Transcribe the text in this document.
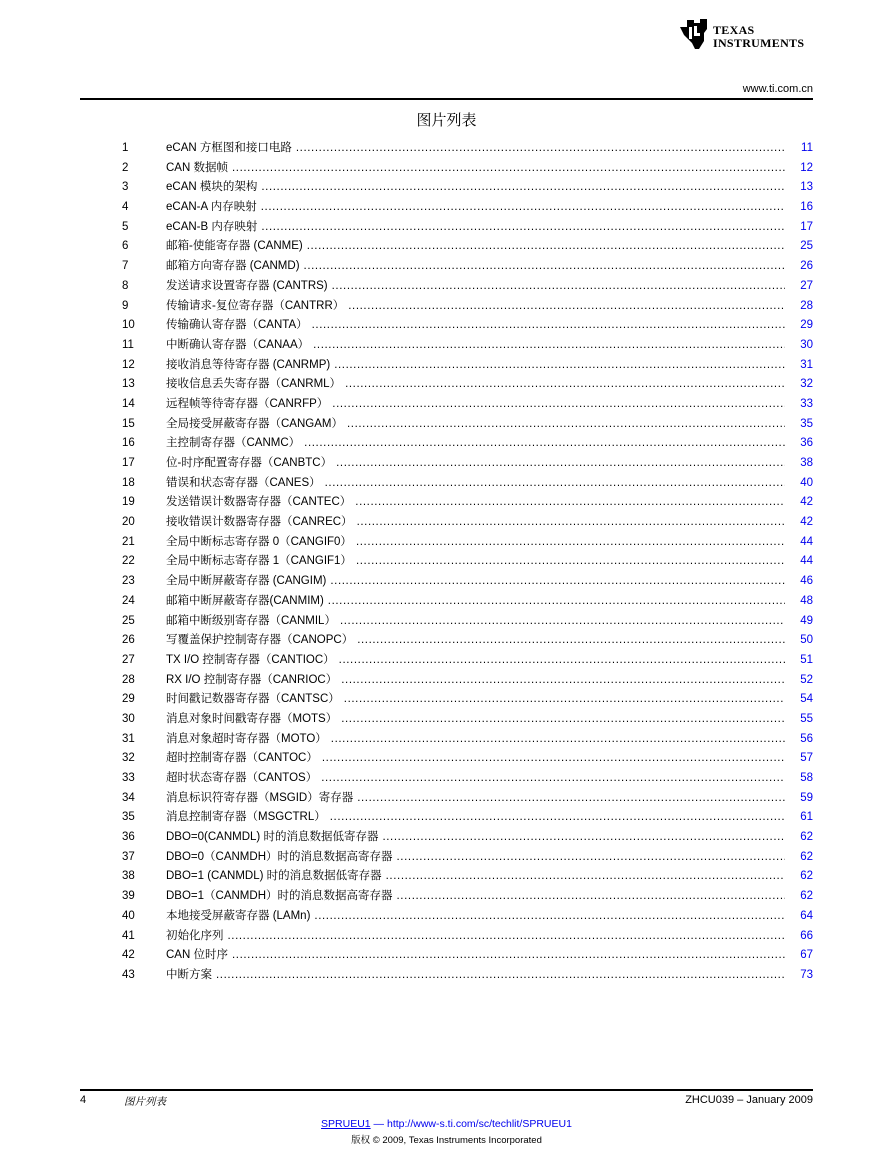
TEXAS
INSTRUMENTS
www.ti.com.cn
图片列表
1	eCAN 方框图和接口电路 .....	11
2	CAN 数据帧 .....	12
3	eCAN 模块的架构 .....	13
4	eCAN-A 内存映射 .....	16
5	eCAN-B 内存映射 .....	17
6	邮箱-使能寄存器 (CANME) .....	25
7	邮箱方向寄存器 (CANMD) .....	26
8	发送请求设置寄存器 (CANTRS) .....	27
9	传输请求-复位寄存器（CANTRR） .....	28
10	传输确认寄存器（CANTA） .....	29
11	中断确认寄存器（CANAA） .....	30
12	接收消息等待寄存器 (CANRMP) .....	31
13	接收信息丢失寄存器（CANRML） .....	32
14	远程帧等待寄存器（CANRFP） .....	33
15	全局接受屏蔽寄存器（CANGAM） .....	35
16	主控制寄存器（CANMC） .....	36
17	位-时序配置寄存器（CANBTC） .....	38
18	错误和状态寄存器（CANES） .....	40
19	发送错误计数器寄存器（CANTEC） .....	42
20	接收错误计数器寄存器（CANREC） .....	42
21	全局中断标志寄存器 0（CANGIF0） .....	44
22	全局中断标志寄存器 1（CANGIF1） .....	44
23	全局中断屏蔽寄存器 (CANGIM) .....	46
24	邮箱中断屏蔽寄存器(CANMIM) .....	48
25	邮箱中断级别寄存器（CANMIL） .....	49
26	写覆盖保护控制寄存器（CANOPC） .....	50
27	TX I/O 控制寄存器（CANTIOC） .....	51
28	RX I/O 控制寄存器（CANRIOC） .....	52
29	时间戳记数器寄存器（CANTSC） .....	54
30	消息对象时间戳寄存器（MOTS） .....	55
31	消息对象超时寄存器（MOTO） .....	56
32	超时控制寄存器（CANTOC） .....	57
33	超时状态寄存器（CANTOS） .....	58
34	消息标识符寄存器（MSGID）寄存器 .....	59
35	消息控制寄存器（MSGCTRL） .....	61
36	DBO=0(CANMDL) 时的消息数据低寄存器 .....	62
37	DBO=0（CANMDH）时的消息数据高寄存器 .....	62
38	DBO=1 (CANMDL) 时的消息数据低寄存器 .....	62
39	DBO=1（CANMDH）时的消息数据高寄存器 .....	62
40	本地接受屏蔽寄存器 (LAMn) .....	64
41	初始化序列 .....	66
42	CAN 位时序 .....	67
43	中断方案 .....	73
4	图片列表	ZHCU039 – January 2009
SPRUEU1 — http://www-s.ti.com/sc/techlit/SPRUEU1
版权 © 2009, Texas Instruments Incorporated
